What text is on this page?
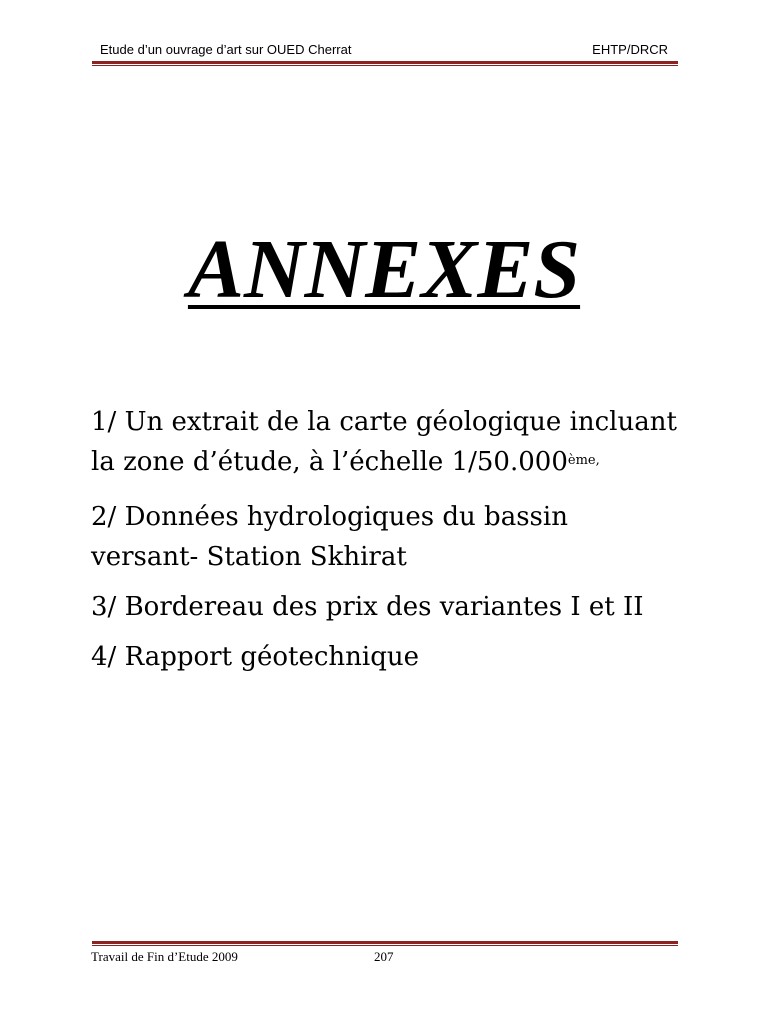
Etude d’un ouvrage d’art sur OUED Cherrat	EHTP/DRCR
ANNEXES
1/ Un extrait de la carte géologique incluant
la zone d’étude, à l’échelle $1/50.000^{ème,}$
2/ Données hydrologiques du bassin
versant- Station Skhirat
3/ Bordereau des prix des variantes I et II
4/ Rapport géotechnique
Travail de Fin d’Etude 2009	207
